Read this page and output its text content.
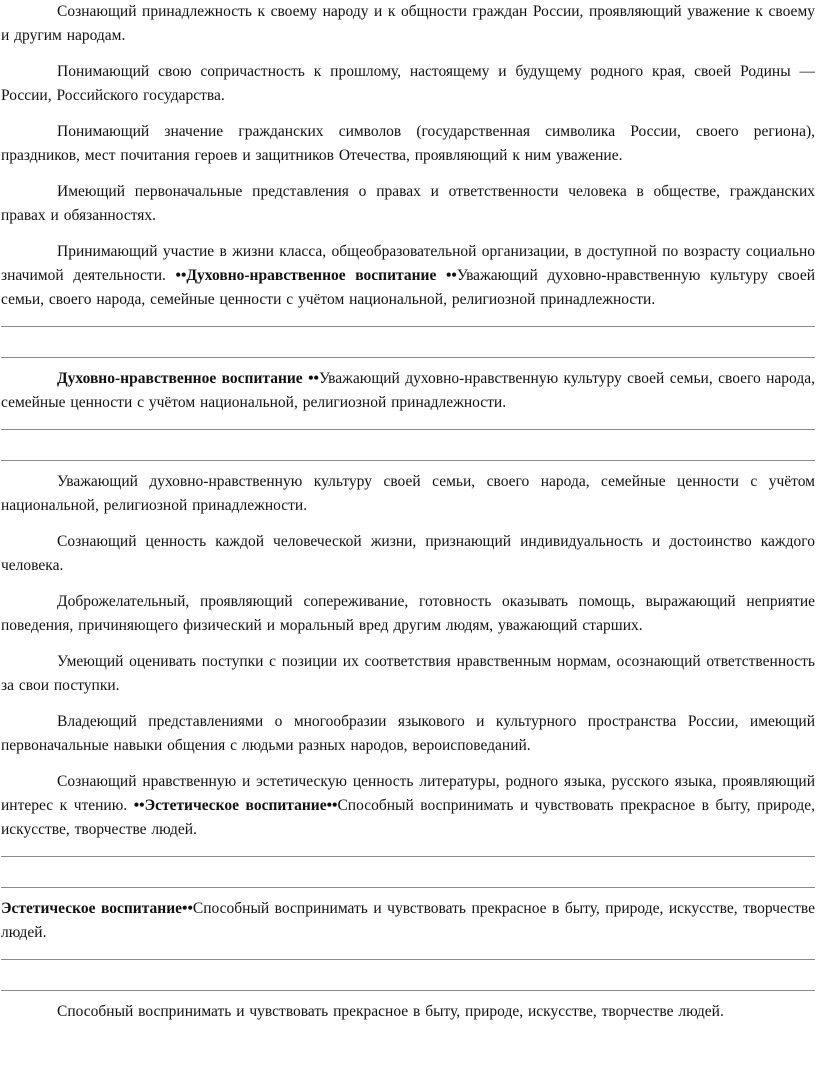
Сознающий принадлежность к своему народу и к общности граждан России, проявляющий уважение к своему и другим народам.

Понимающий свою сопричастность к прошлому, настоящему и будущему родного края, своей Родины — России, Российского государства.

Понимающий значение гражданских символов (государственная символика России, своего региона), праздников, мест почитания героев и защитников Отечества, проявляющий к ним уважение.

Имеющий первоначальные представления о правах и ответственности человека в обществе, гражданских правах и обязанностях.

Принимающий участие в жизни класса, общеобразовательной организации, в доступной по возрасту социально значимой деятельности. ••Духовно-нравственное воспитание ••Уважающий духовно-нравственную культуру своей семьи, своего народа, семейные ценности с учётом национальной, религиозной принадлежности.

Духовно-нравственное воспитание ••Уважающий духовно-нравственную культуру своей семьи, своего народа, семейные ценности с учётом национальной, религиозной принадлежности.

Уважающий духовно-нравственную культуру своей семьи, своего народа, семейные ценности с учётом национальной, религиозной принадлежности.

Сознающий ценность каждой человеческой жизни, признающий индивидуальность и достоинство каждого человека.

Доброжелательный, проявляющий сопереживание, готовность оказывать помощь, выражающий неприятие поведения, причиняющего физический и моральный вред другим людям, уважающий старших.

Умеющий оценивать поступки с позиции их соответствия нравственным нормам, осознающий ответственность за свои поступки.

Владеющий представлениями о многообразии языкового и культурного пространства России, имеющий первоначальные навыки общения с людьми разных народов, вероисповеданий.

Сознающий нравственную и эстетическую ценность литературы, родного языка, русского языка, проявляющий интерес к чтению. ••Эстетическое воспитание••Способный воспринимать и чувствовать прекрасное в быту, природе, искусстве, творчестве людей.

Эстетическое воспитание••Способный воспринимать и чувствовать прекрасное в быту, природе, искусстве, творчестве людей.

Способный воспринимать и чувствовать прекрасное в быту, природе, искусстве, творчестве людей.
